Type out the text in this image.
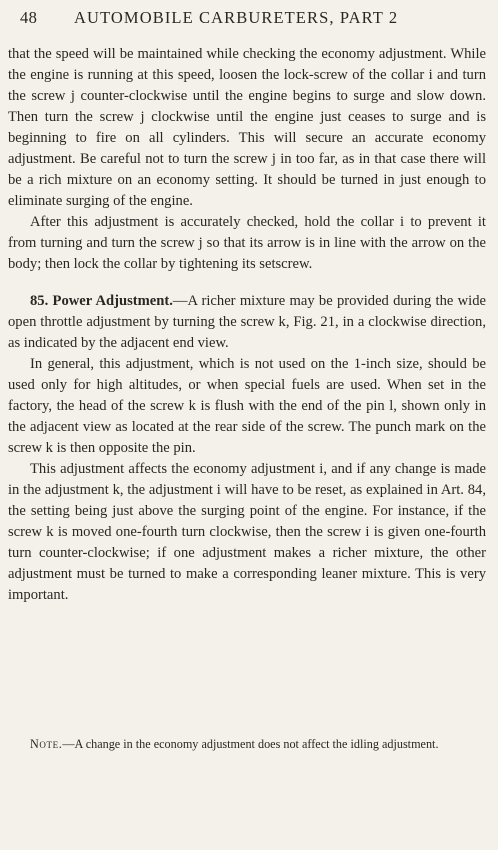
48 AUTOMOBILE CARBURETERS, PART 2

that the speed will be maintained while checking the economy adjustment. While the engine is running at this speed, loosen the lock-screw of the collar i and turn the screw j counter-clockwise until the engine begins to surge and slow down. Then turn the screw j clockwise until the engine just ceases to surge and is beginning to fire on all cylinders. This will secure an accurate economy adjustment. Be careful not to turn the screw j in too far, as in that case there will be a rich mixture on an economy setting. It should be turned in just enough to eliminate surging of the engine.

After this adjustment is accurately checked, hold the collar i to prevent it from turning and turn the screw j so that its arrow is in line with the arrow on the body; then lock the collar by tightening its setscrew.

85. Power Adjustment.—A richer mixture may be provided during the wide open throttle adjustment by turning the screw k, Fig. 21, in a clockwise direction, as indicated by the adjacent end view.

In general, this adjustment, which is not used on the 1-inch size, should be used only for high altitudes, or when special fuels are used. When set in the factory, the head of the screw k is flush with the end of the pin l, shown only in the adjacent view as located at the rear side of the screw. The punch mark on the screw k is then opposite the pin.

This adjustment affects the economy adjustment i, and if any change is made in the adjustment k, the adjustment i will have to be reset, as explained in Art. 84, the setting being just above the surging point of the engine. For instance, if the screw k is moved one-fourth turn clockwise, then the screw i is given one-fourth turn counter-clockwise; if one adjustment makes a richer mixture, the other adjustment must be turned to make a corresponding leaner mixture. This is very important.

Note.—A change in the economy adjustment does not affect the idling adjustment.
